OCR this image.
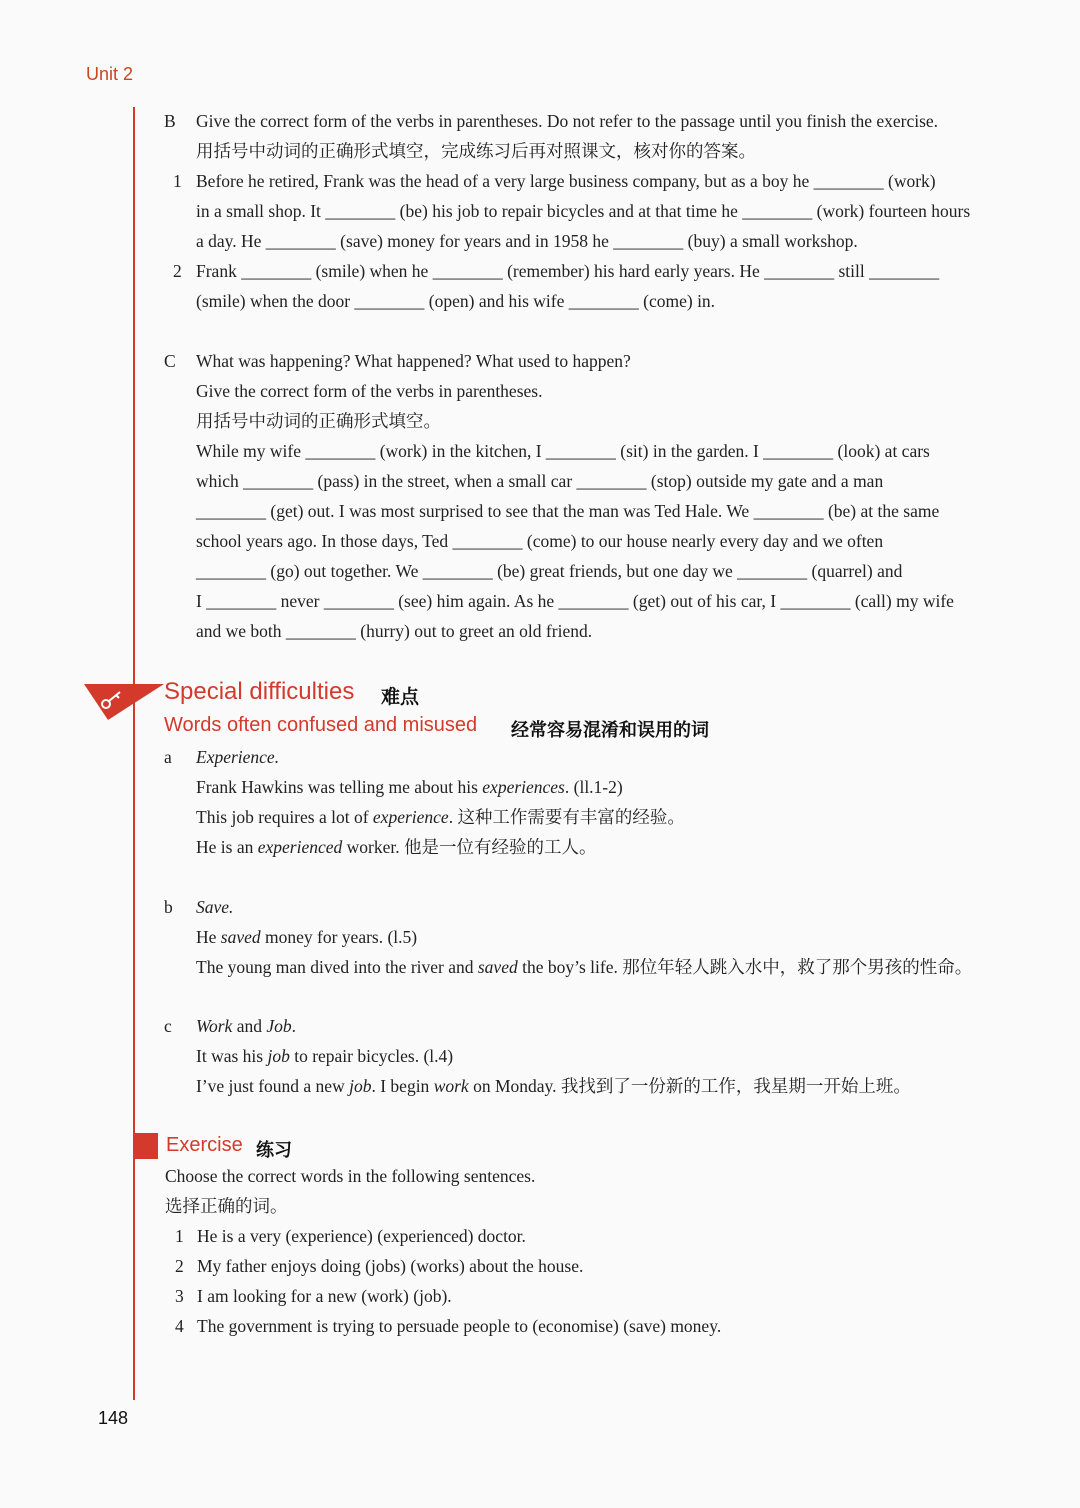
Unit 2
B Give the correct form of the verbs in parentheses. Do not refer to the passage until you finish the exercise.
用括号中动词的正确形式填空，完成练习后再对照课文，核对你的答案。
1 Before he retired, Frank was the head of a very large business company, but as a boy he ________ (work)
in a small shop. It ________ (be) his job to repair bicycles and at that time he ________ (work) fourteen hours
a day. He ________ (save) money for years and in 1958 he ________ (buy) a small workshop.
2 Frank ________ (smile) when he ________ (remember) his hard early years. He ________ still ________
(smile) when the door ________ (open) and his wife ________ (come) in.
C What was happening? What happened? What used to happen?
Give the correct form of the verbs in parentheses.
用括号中动词的正确形式填空。
While my wife ________ (work) in the kitchen, I ________ (sit) in the garden. I ________ (look) at cars
which ________ (pass) in the street, when a small car ________ (stop) outside my gate and a man
________ (get) out. I was most surprised to see that the man was Ted Hale. We ________ (be) at the same
school years ago. In those days, Ted ________ (come) to our house nearly every day and we often
________ (go) out together. We ________ (be) great friends, but one day we ________ (quarrel) and
I ________ never ________ (see) him again. As he ________ (get) out of his car, I ________ (call) my wife
and we both ________ (hurry) out to greet an old friend.
Special difficulties 难点
Words often confused and misused 经常容易混淆和误用的词
a Experience.
Frank Hawkins was telling me about his experiences. (ll.1-2)
This job requires a lot of experience. 这种工作需要有丰富的经验。
He is an experienced worker. 他是一位有经验的工人。
b Save.
He saved money for years. (l.5)
The young man dived into the river and saved the boy’s life. 那位年轻人跳入水中，救了那个男孩的性命。
c Work and Job.
It was his job to repair bicycles. (l.4)
I’ve just found a new job. I begin work on Monday. 我找到了一份新的工作，我星期一开始上班。
Exercise 练习
Choose the correct words in the following sentences.
选择正确的词。
1 He is a very (experience) (experienced) doctor.
2 My father enjoys doing (jobs) (works) about the house.
3 I am looking for a new (work) (job).
4 The government is trying to persuade people to (economise) (save) money.
148
